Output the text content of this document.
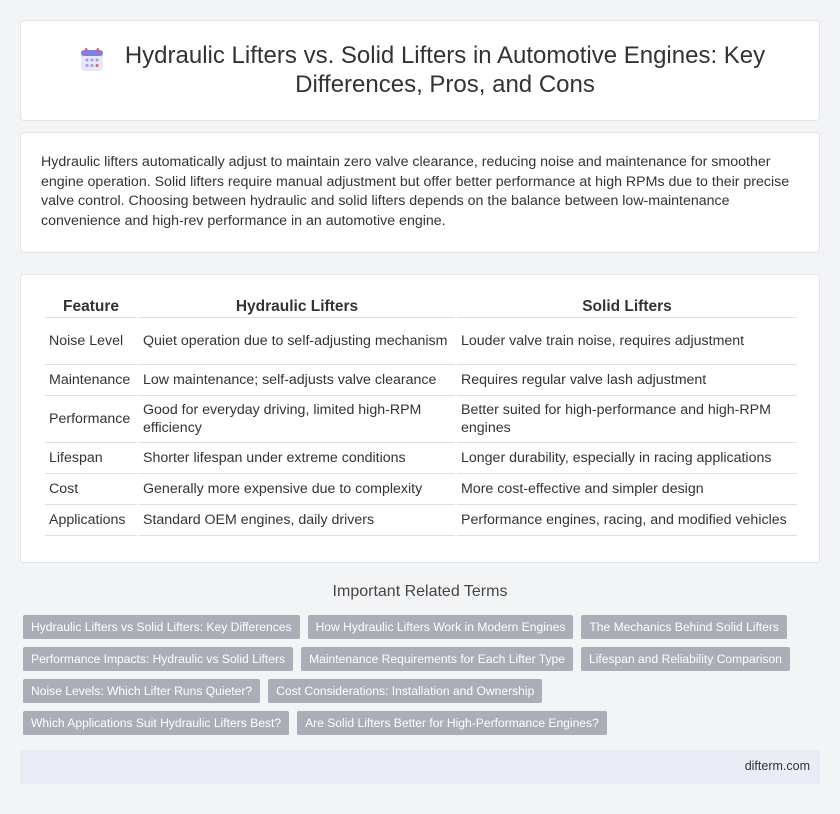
Hydraulic Lifters vs. Solid Lifters in Automotive Engines: Key Differences, Pros, and Cons

Hydraulic lifters automatically adjust to maintain zero valve clearance, reducing noise and maintenance for smoother engine operation. Solid lifters require manual adjustment but offer better performance at high RPMs due to their precise valve control. Choosing between hydraulic and solid lifters depends on the balance between low-maintenance convenience and high-rev performance in an automotive engine.

Feature	Hydraulic Lifters	Solid Lifters
Noise Level	Quiet operation due to self-adjusting mechanism	Louder valve train noise, requires adjustment
Maintenance	Low maintenance; self-adjusts valve clearance	Requires regular valve lash adjustment
Performance	Good for everyday driving, limited high-RPM efficiency	Better suited for high-performance and high-RPM engines
Lifespan	Shorter lifespan under extreme conditions	Longer durability, especially in racing applications
Cost	Generally more expensive due to complexity	More cost-effective and simpler design
Applications	Standard OEM engines, daily drivers	Performance engines, racing, and modified vehicles
Important Related Terms
Hydraulic Lifters vs Solid Lifters: Key Differences	How Hydraulic Lifters Work in Modern Engines	The Mechanics Behind Solid Lifters
Performance Impacts: Hydraulic vs Solid Lifters	Maintenance Requirements for Each Lifter Type	Lifespan and Reliability Comparison
Noise Levels: Which Lifter Runs Quieter?	Cost Considerations: Installation and Ownership
Which Applications Suit Hydraulic Lifters Best?	Are Solid Lifters Better for High-Performance Engines?
difterm.com
